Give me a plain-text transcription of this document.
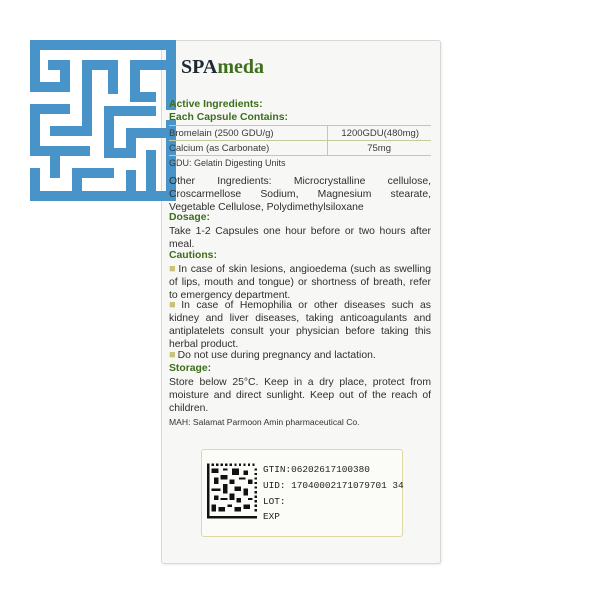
SPAmeda
Active Ingredients:
Each Capsule Contains:
Bromelain (2500 GDU/g)	1200GDU(480mg)
Calcium (as Carbonate)	75mg
GDU: Gelatin Digesting Units
Other Ingredients: Microcrystalline cellulose, Croscarmellose Sodium, Magnesium stearate, Vegetable Cellulose, Polydimethylsiloxane
Dosage:
Take 1-2 Capsules one hour before or two hours after meal.
Cautions:
■ In case of skin lesions, angioedema (such as swelling of lips, mouth and tongue) or shortness of breath, refer to emergency department.
■ In case of Hemophilia or other diseases such as kidney and liver diseases, taking anticoagulants and antiplatelets consult your physician before taking this herbal product.
■ Do not use during pregnancy and lactation.
Storage:
Store below 25°C. Keep in a dry place, protect from moisture and direct sunlight. Keep out of the reach of children.
MAH: Salamat Parmoon Amin pharmaceutical Co.
GTIN:06202617100380
UID: 17040002171079701 34
LOT:
EXP
